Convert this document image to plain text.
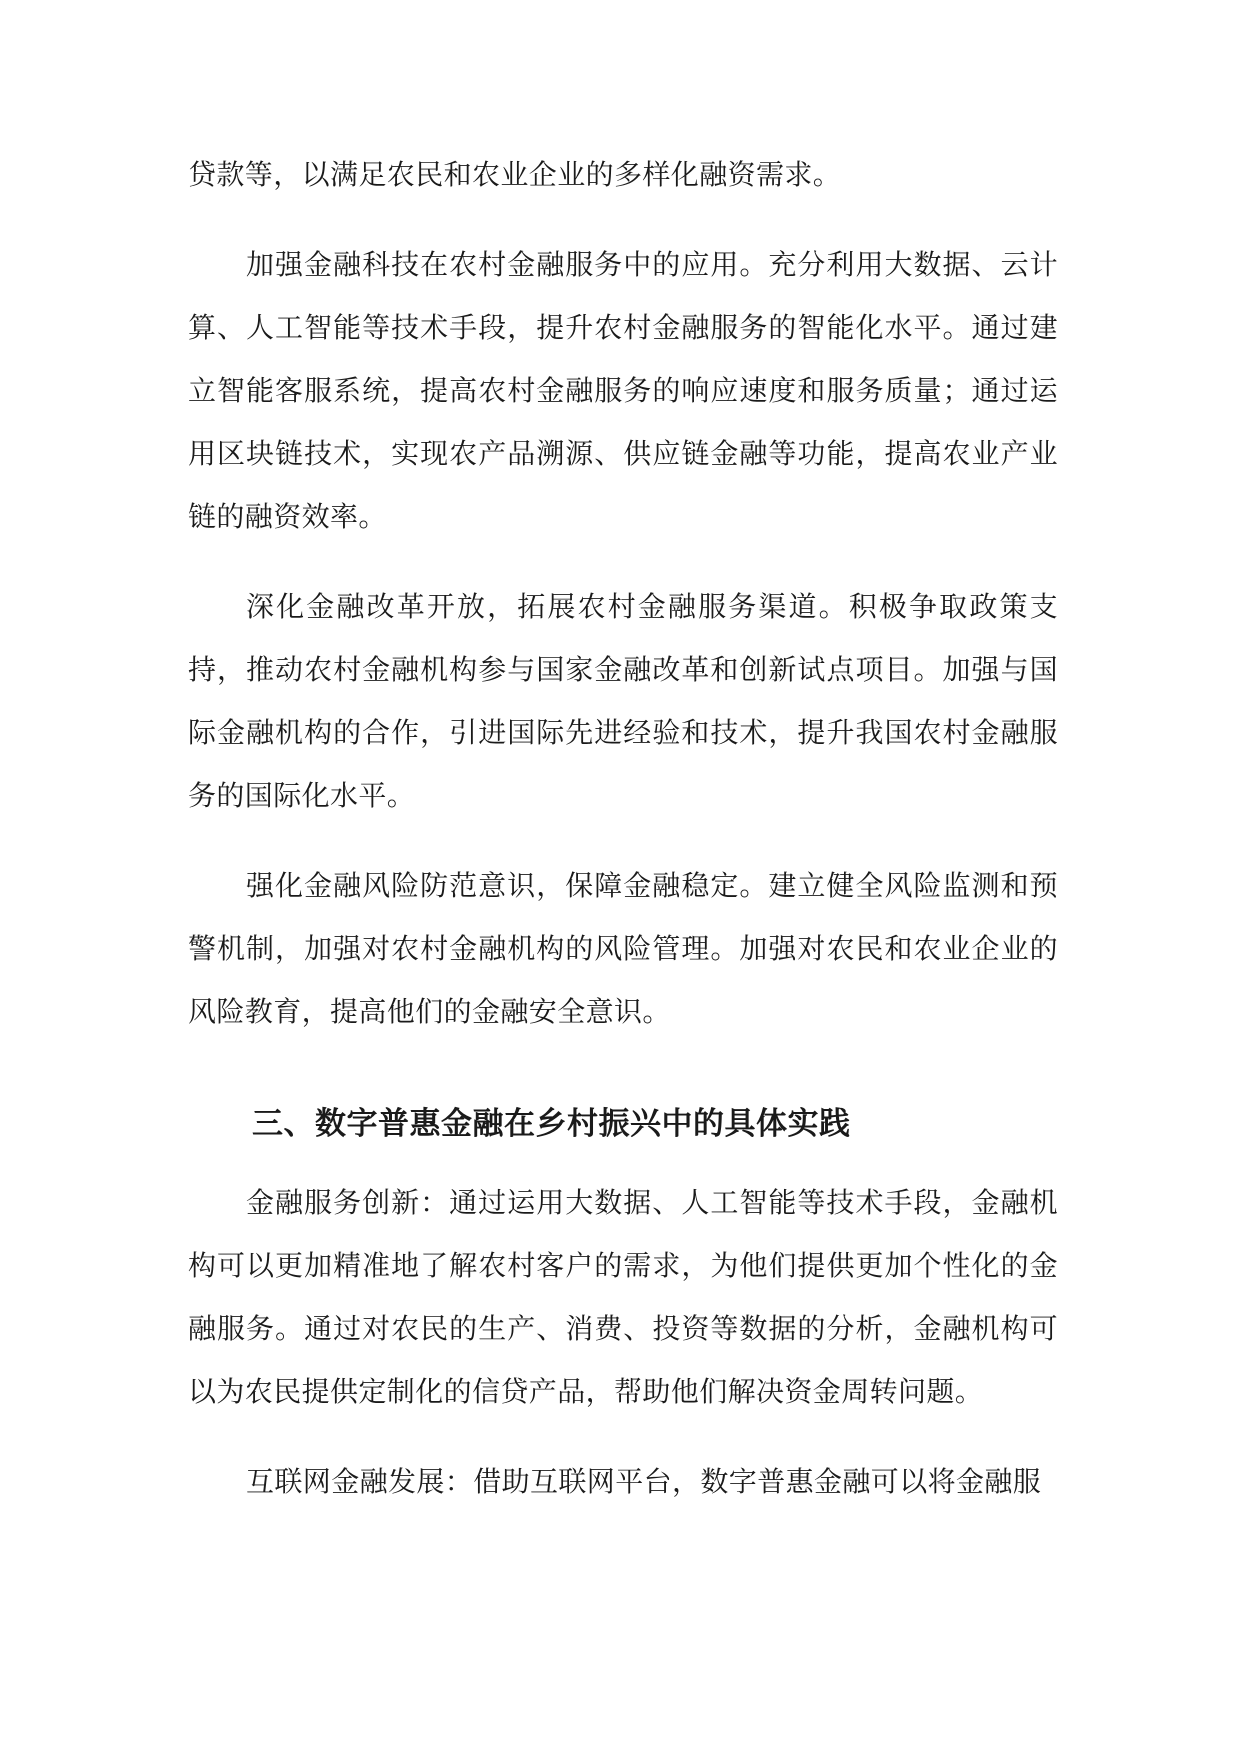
贷款等，以满足农民和农业企业的多样化融资需求。

加强金融科技在农村金融服务中的应用。充分利用大数据、云计算、人工智能等技术手段，提升农村金融服务的智能化水平。通过建立智能客服系统，提高农村金融服务的响应速度和服务质量；通过运用区块链技术，实现农产品溯源、供应链金融等功能，提高农业产业链的融资效率。

深化金融改革开放，拓展农村金融服务渠道。积极争取政策支持，推动农村金融机构参与国家金融改革和创新试点项目。加强与国际金融机构的合作，引进国际先进经验和技术，提升我国农村金融服务的国际化水平。

强化金融风险防范意识，保障金融稳定。建立健全风险监测和预警机制，加强对农村金融机构的风险管理。加强对农民和农业企业的风险教育，提高他们的金融安全意识。

三、数字普惠金融在乡村振兴中的具体实践

金融服务创新：通过运用大数据、人工智能等技术手段，金融机构可以更加精准地了解农村客户的需求，为他们提供更加个性化的金融服务。通过对农民的生产、消费、投资等数据的分析，金融机构可以为农民提供定制化的信贷产品，帮助他们解决资金周转问题。

互联网金融发展：借助互联网平台，数字普惠金融可以将金融服
